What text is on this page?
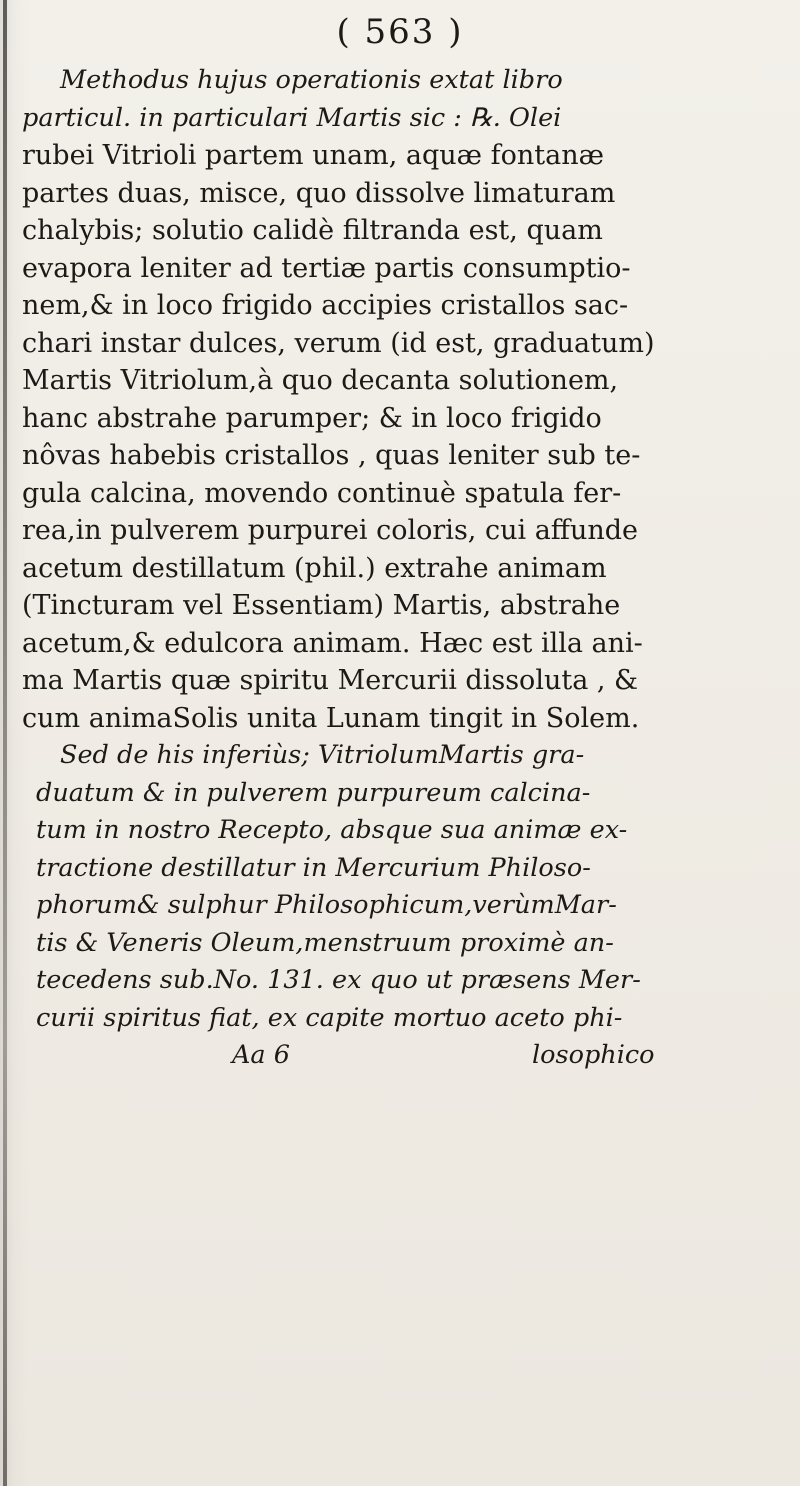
( 563 )
Methodus hujus operationis extat libro
particul. in particulari Martis sic : ℞. Olei
rubei Vitrioli partem unam, aquæ fontanæ
partes duas, misce, quo dissolve limaturam
chalybis; solutio calidè filtranda est, quam
evapora leniter ad tertiæ partis consumptio-
nem,& in loco frigido accipies cristallos sac-
chari instar dulces, verum (id est, graduatum)
Martis Vitriolum,à quo decanta solutionem,
hanc abstrahe parumper; & in loco frigido
nôvas habebis cristallos , quas leniter sub te-
gula calcina, movendo continuè spatula fer-
rea,in pulverem purpurei coloris, cui affunde
acetum destillatum (phil.) extrahe animam
(Tincturam vel Essentiam) Martis, abstrahe
acetum,& edulcora animam. Hæc est illa ani-
ma Martis quæ spiritu Mercurii dissoluta , &
cum animaSolis unita Lunam tingit in Solem.
Sed de his inferiùs; VitriolumMartis gra-
duatum & in pulverem purpureum calcina-
tum in nostro Recepto, absque sua animæ ex-
tractione destillatur in Mercurium Philoso-
phorum& sulphur Philosophicum,verùmMar-
tis & Veneris Oleum,menstruum proximè an-
tecedens sub.No. 131. ex quo ut præsens Mer-
curii spiritus fiat, ex capite mortuo aceto phi-
Aa 6	losophico
